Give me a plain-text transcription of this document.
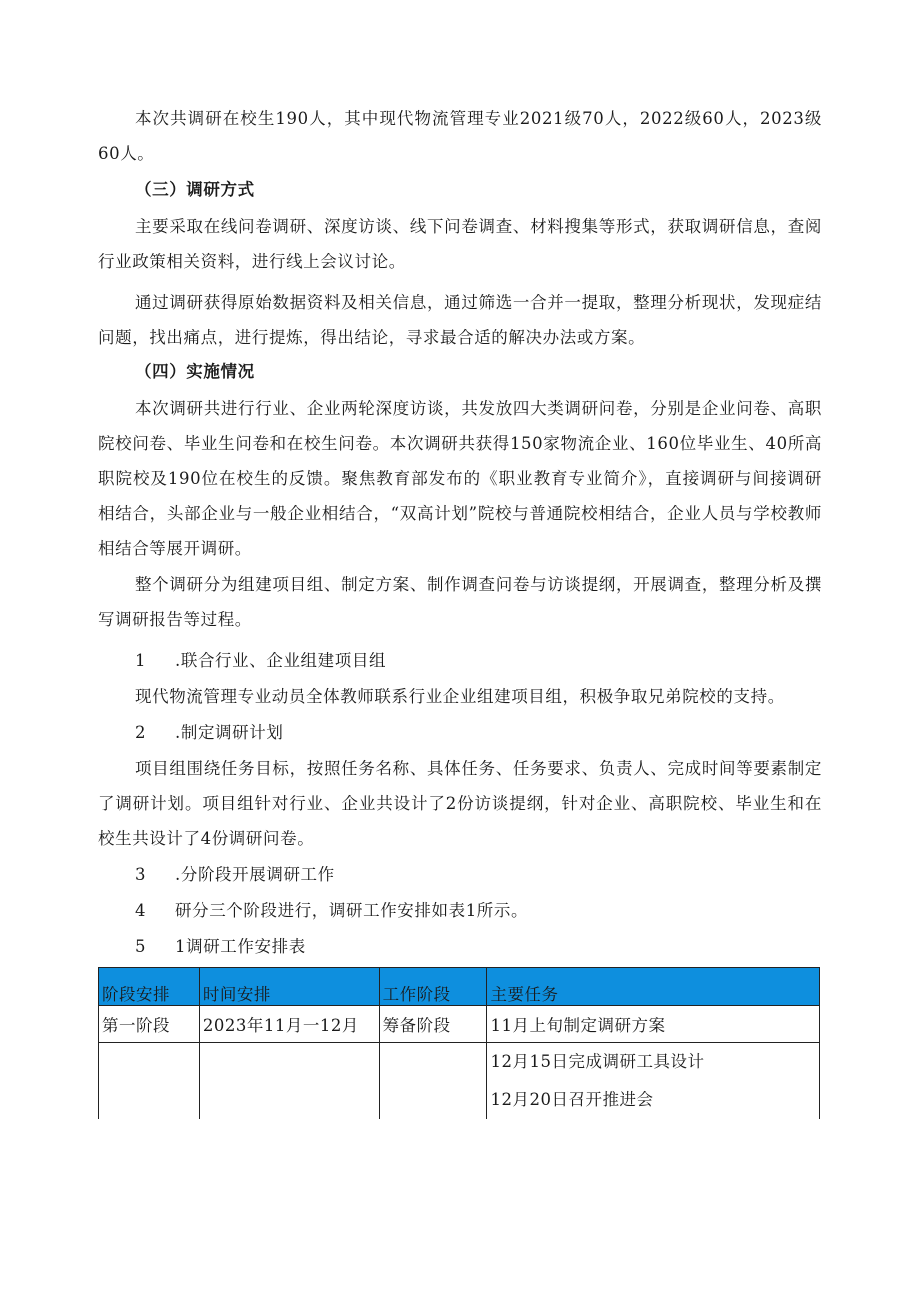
本次共调研在校生190人，其中现代物流管理专业2021级70人，2022级60人，2023级60人。

（三）调研方式

主要采取在线问卷调研、深度访谈、线下问卷调查、材料搜集等形式，获取调研信息，查阅行业政策相关资料，进行线上会议讨论。

通过调研获得原始数据资料及相关信息，通过筛选一合并一提取，整理分析现状，发现症结问题，找出痛点，进行提炼，得出结论，寻求最合适的解决办法或方案。

（四）实施情况

本次调研共进行行业、企业两轮深度访谈，共发放四大类调研问卷，分别是企业问卷、高职院校问卷、毕业生问卷和在校生问卷。本次调研共获得150家物流企业、160位毕业生、40所高职院校及190位在校生的反馈。聚焦教育部发布的《职业教育专业简介》，直接调研与间接调研相结合，头部企业与一般企业相结合，“双高计划”院校与普通院校相结合，企业人员与学校教师相结合等展开调研。

整个调研分为组建项目组、制定方案、制作调查问卷与访谈提纲，开展调查，整理分析及撰写调研报告等过程。

1 .联合行业、企业组建项目组

现代物流管理专业动员全体教师联系行业企业组建项目组，积极争取兄弟院校的支持。

2 .制定调研计划

项目组围绕任务目标，按照任务名称、具体任务、任务要求、负责人、完成时间等要素制定了调研计划。项目组针对行业、企业共设计了2份访谈提纲，针对企业、高职院校、毕业生和在校生共设计了4份调研问卷。

3 .分阶段开展调研工作

4 研分三个阶段进行，调研工作安排如表1所示。

5 1调研工作安排表

阶段安排	时间安排	工作阶段	主要任务
第一阶段	2023年11月一12月	筹备阶段	11月上旬制定调研方案

			12月15日完成调研工具设计
12月20日召开推进会
